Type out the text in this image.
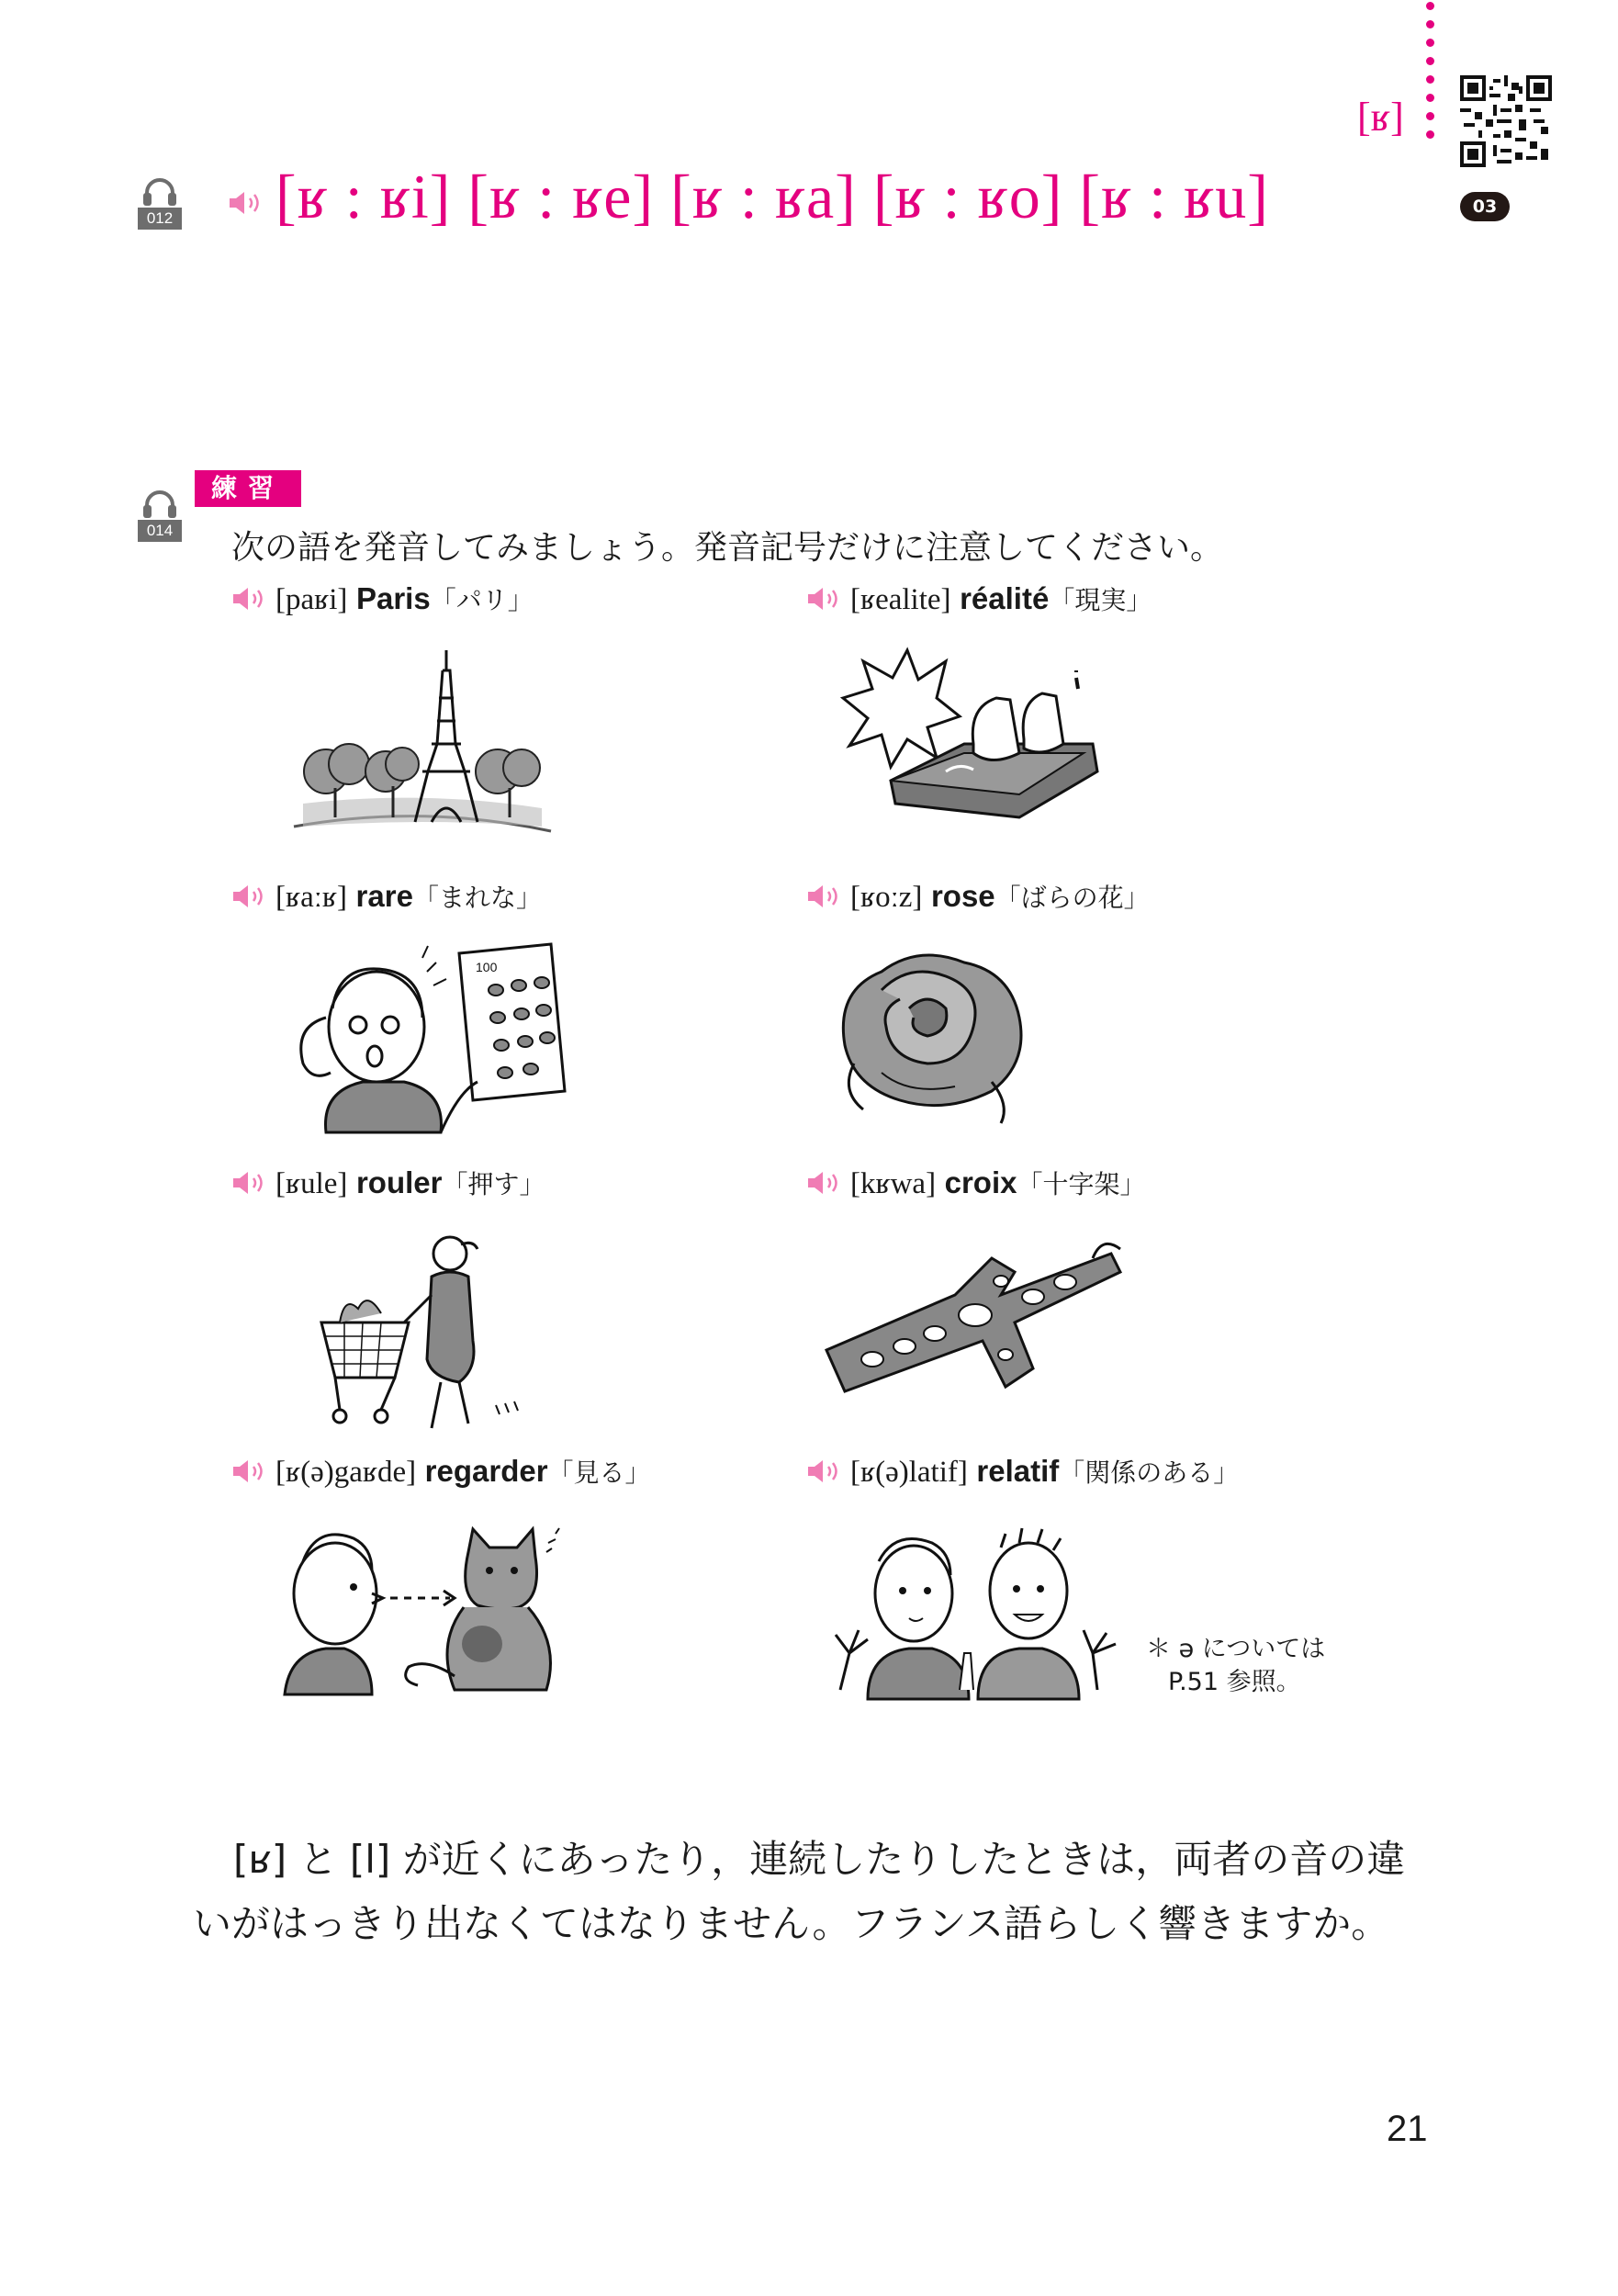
[ʁ]
03
012 [ʁ : ʁi] [ʁ : ʁe] [ʁ : ʁa] [ʁ : ʁo] [ʁ : ʁu]
練習
014 次の語を発音してみましょう。発音記号だけに注意してください。
[paʁi] Paris「パリ」	[ʁealite] réalité「現実」
[ʁaːʁ] rare「まれな」	[ʁoːz] rose「ばらの花」
[ʁule] rouler「押す」	[kʁwa] croix「十字架」
[ʁ(ə)gaʁde] regarder「見る」	[ʁ(ə)latif] relatif「関係のある」
100
＊ ə については
P.51 参照。
[ʁ] と [l] が近くにあったり，連続したりしたときは，両者の音の違
いがはっきり出なくてはなりません。フランス語らしく響きますか。
21
